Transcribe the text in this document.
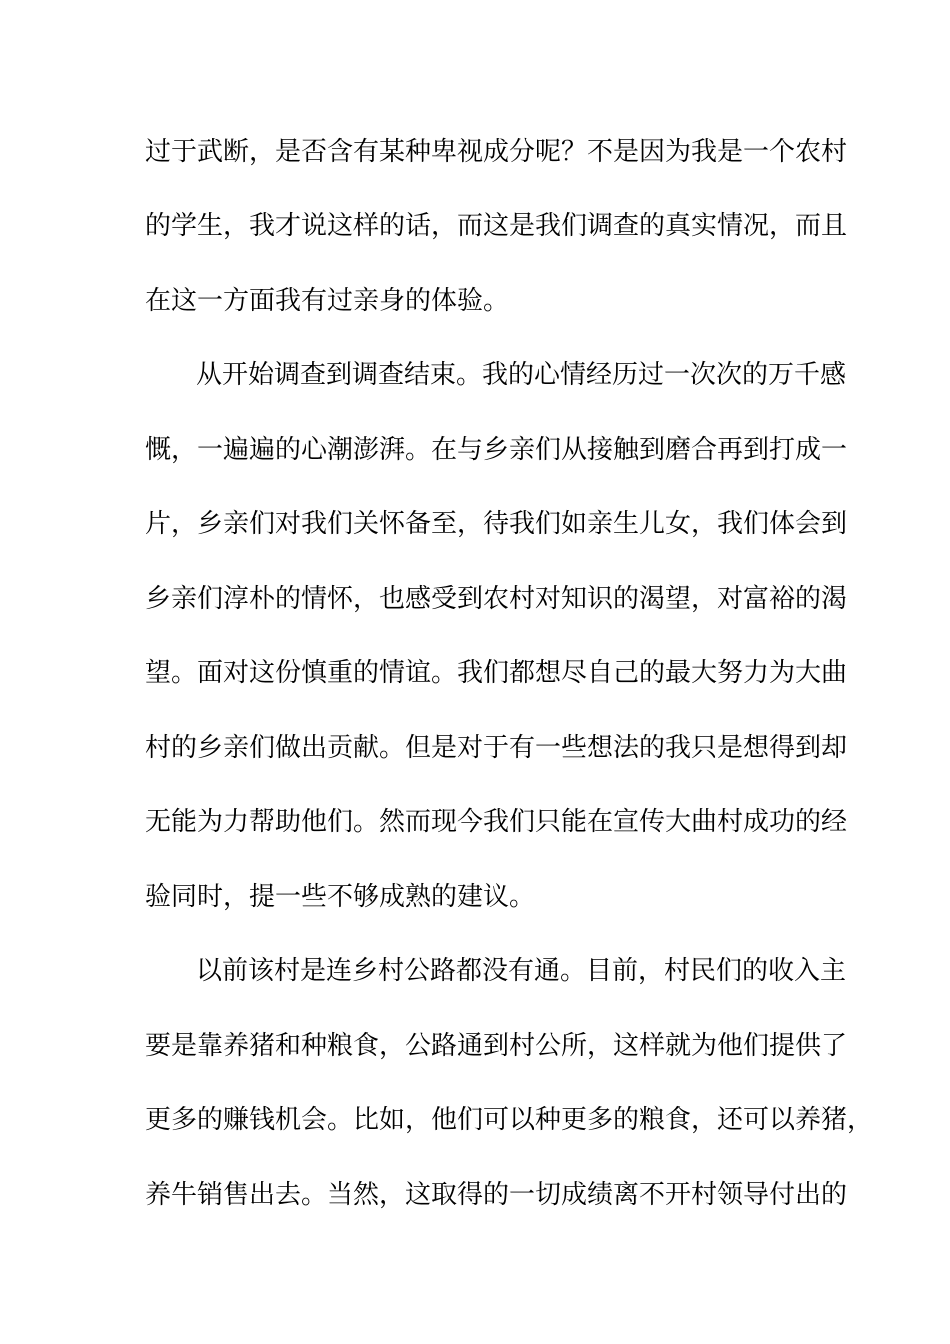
过于武断，是否含有某种卑视成分呢？不是因为我是一个农村
的学生，我才说这样的话，而这是我们调查的真实情况，而且
在这一方面我有过亲身的体验。
从开始调查到调查结束。我的心情经历过一次次的万千感
慨，一遍遍的心潮澎湃。在与乡亲们从接触到磨合再到打成一
片，乡亲们对我们关怀备至，待我们如亲生儿女，我们体会到
乡亲们淳朴的情怀，也感受到农村对知识的渴望，对富裕的渴
望。面对这份慎重的情谊。我们都想尽自己的最大努力为大曲
村的乡亲们做出贡献。但是对于有一些想法的我只是想得到却
无能为力帮助他们。然而现今我们只能在宣传大曲村成功的经
验同时，提一些不够成熟的建议。
以前该村是连乡村公路都没有通。目前，村民们的收入主
要是靠养猪和种粮食，公路通到村公所，这样就为他们提供了
更多的赚钱机会。比如，他们可以种更多的粮食，还可以养猪，
养牛销售出去。当然，这取得的一切成绩离不开村领导付出的
